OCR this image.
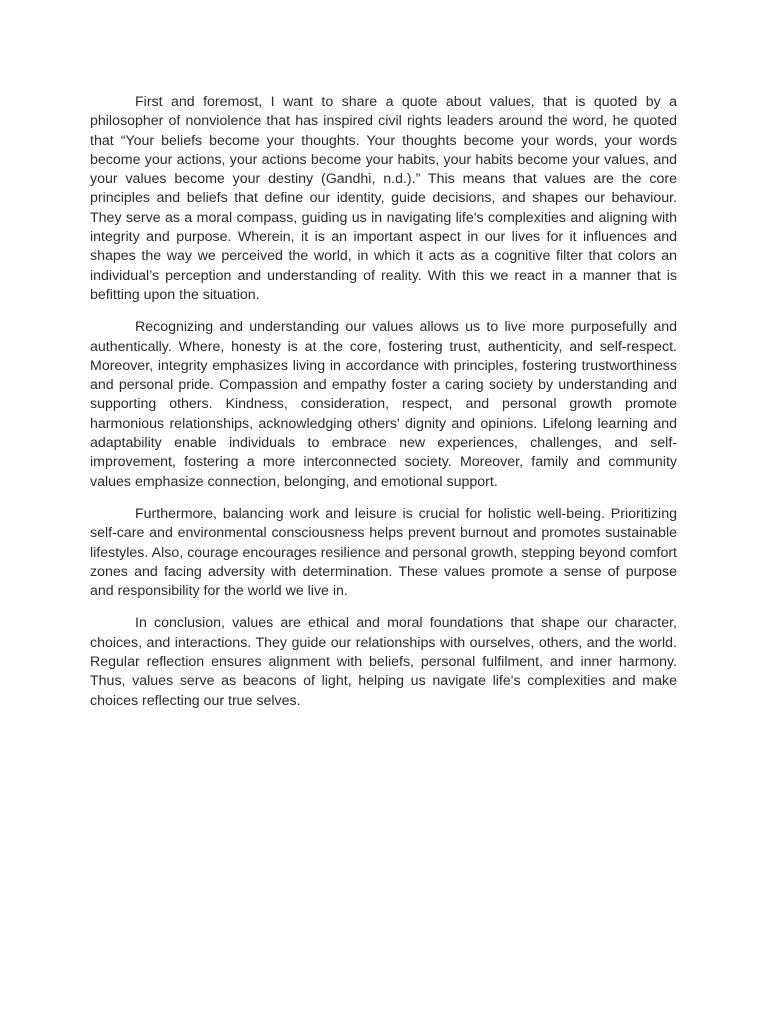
First and foremost, I want to share a quote about values, that is quoted by a philosopher of nonviolence that has inspired civil rights leaders around the word, he quoted that “Your beliefs become your thoughts. Your thoughts become your words, your words become your actions, your actions become your habits, your habits become your values, and your values become your destiny (Gandhi, n.d.).” This means that values are the core principles and beliefs that define our identity, guide decisions, and shapes our behaviour. They serve as a moral compass, guiding us in navigating life's complexities and aligning with integrity and purpose. Wherein, it is an important aspect in our lives for it influences and shapes the way we perceived the world, in which it acts as a cognitive filter that colors an individual’s perception and understanding of reality. With this we react in a manner that is befitting upon the situation.

Recognizing and understanding our values allows us to live more purposefully and authentically. Where, honesty is at the core, fostering trust, authenticity, and self-respect. Moreover, integrity emphasizes living in accordance with principles, fostering trustworthiness and personal pride. Compassion and empathy foster a caring society by understanding and supporting others. Kindness, consideration, respect, and personal growth promote harmonious relationships, acknowledging others' dignity and opinions. Lifelong learning and adaptability enable individuals to embrace new experiences, challenges, and self-improvement, fostering a more interconnected society. Moreover, family and community values emphasize connection, belonging, and emotional support.

Furthermore, balancing work and leisure is crucial for holistic well-being. Prioritizing self-care and environmental consciousness helps prevent burnout and promotes sustainable lifestyles. Also, courage encourages resilience and personal growth, stepping beyond comfort zones and facing adversity with determination. These values promote a sense of purpose and responsibility for the world we live in.

In conclusion, values are ethical and moral foundations that shape our character, choices, and interactions. They guide our relationships with ourselves, others, and the world. Regular reflection ensures alignment with beliefs, personal fulfilment, and inner harmony. Thus, values serve as beacons of light, helping us navigate life's complexities and make choices reflecting our true selves.
